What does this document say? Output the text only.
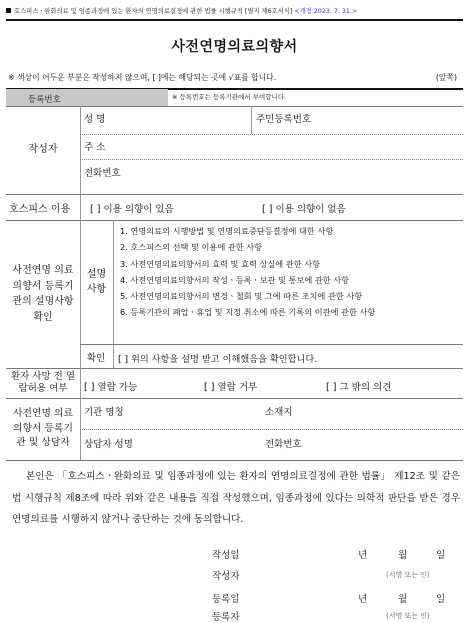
호스피스ㆍ완화의료 및 임종과정에 있는 환자의 연명의료결정에 관한 법률 시행규칙 [별지 제6호서식] <개정 2023. 7. 31.>
사전연명의료의향서
※ 색상이 어두운 부분은 작성하지 않으며, [ ]에는 해당되는 곳에 √표를 합니다.	(앞쪽)
등록번호	※ 등록번호는 등록기관에서 부여합니다.
작성자
성 명	주민등록번호
주 소
전화번호
호스피스 이용 [ ] 이용 의향이 있음	[ ] 이용 의향이 없음
사전연명 의료의향서 등록기관의 설명사항 확인
설명 사항
1. 연명의료의 시행방법 및 연명의료중단등결정에 대한 사항
2. 호스피스의 선택 및 이용에 관한 사항
3. 사전연명의료의향서의 효력 및 효력 상실에 관한 사항
4. 사전연명의료의향서의 작성ㆍ등록ㆍ보관 및 통보에 관한 사항
5. 사전연명의료의향서의 변경ㆍ철회 및 그에 따른 조치에 관한 사항
6. 등록기관의 폐업ㆍ휴업 및 지정 취소에 따른 기록의 이관에 관한 사항
확인 [ ] 위의 사항을 설명 받고 이해했음을 확인합니다.
환자 사망 전 열람허용 여부	[ ] 열람 가능	[ ] 열람 거부	[ ] 그 밖의 의견
사전연명 의료의향서 등록기관 및 상담자
기관 명칭	소재지
상담자 성명	전화번호
본인은 「호스피스ㆍ완화의료 및 임종과정에 있는 환자의 연명의료결정에 관한 법률」 제12조 및 같은 법 시행규칙 제8조에 따라 위와 같은 내용을 직접 작성했으며, 임종과정에 있다는 의학적 판단을 받은 경우 연명의료를 시행하지 않거나 중단하는 것에 동의합니다.
작성일	년	월	일
작성자	(서명 또는 인)
등록일	년	월	일
등록자	(서명 또는 인)
